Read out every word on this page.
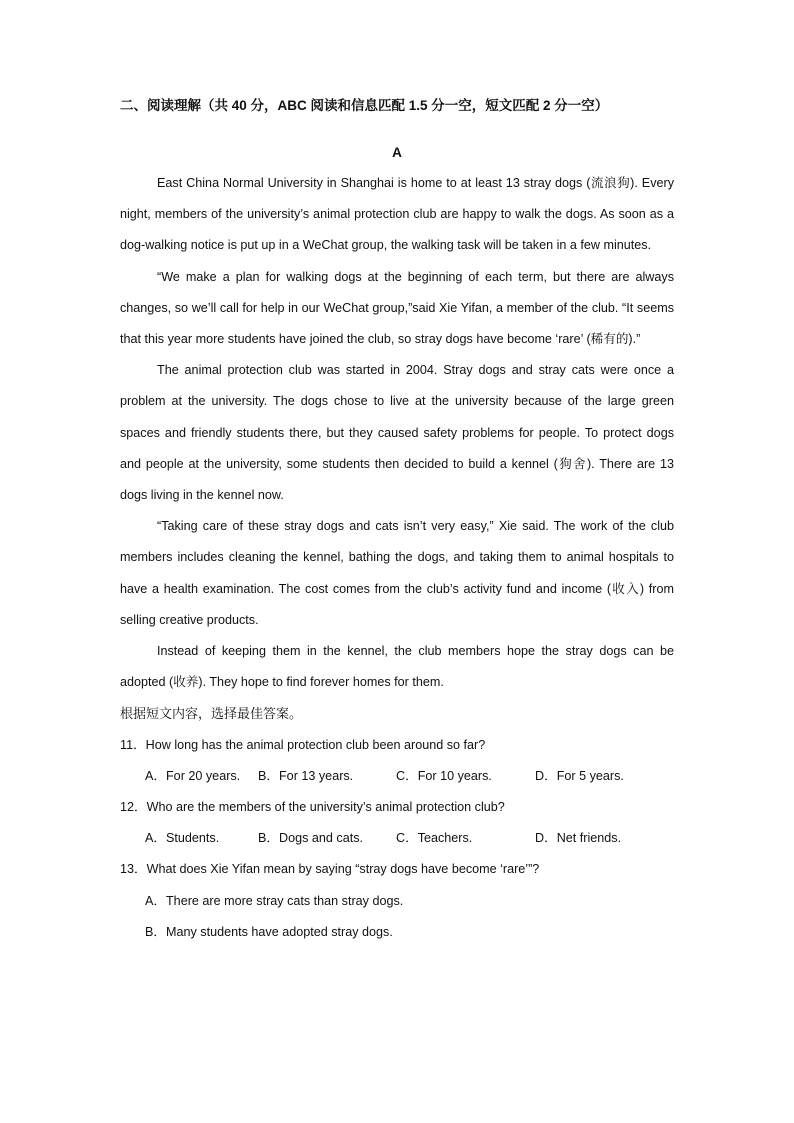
二、阅读理解（共 40 分，ABC 阅读和信息匹配 1.5 分一空，短文匹配 2 分一空）
A

East China Normal University in Shanghai is home to at least 13 stray dogs (流浪狗). Every night, members of the university’s animal protection club are happy to walk the dogs. As soon as a dog-walking notice is put up in a WeChat group, the walking task will be taken in a few minutes.

“We make a plan for walking dogs at the beginning of each term, but there are always changes, so we’ll call for help in our WeChat group,”said Xie Yifan, a member of the club. “It seems that this year more students have joined the club, so stray dogs have become ‘rare’ (稀有的).”

The animal protection club was started in 2004. Stray dogs and stray cats were once a problem at the university. The dogs chose to live at the university because of the large green spaces and friendly students there, but they caused safety problems for people. To protect dogs and people at the university, some students then decided to build a kennel (狗舍). There are 13 dogs living in the kennel now.

“Taking care of these stray dogs and cats isn’t very easy,” Xie said. The work of the club members includes cleaning the kennel, bathing the dogs, and taking them to animal hospitals to have a health examination. The cost comes from the club’s activity fund and income (收入) from selling creative products.

Instead of keeping them in the kennel, the club members hope the stray dogs can be adopted (收养). They hope to find forever homes for them.

根据短文内容，选择最佳答案。

11．How long has the animal protection club been around so far?

A．For 20 years.	B．For 13 years.	C．For 10 years.	D．For 5 years.

12．Who are the members of the university’s animal protection club?

A．Students.	B．Dogs and cats.	C．Teachers.	D．Net friends.

13．What does Xie Yifan mean by saying “stray dogs have become ‘rare’”?

A．There are more stray cats than stray dogs.

B．Many students have adopted stray dogs.
